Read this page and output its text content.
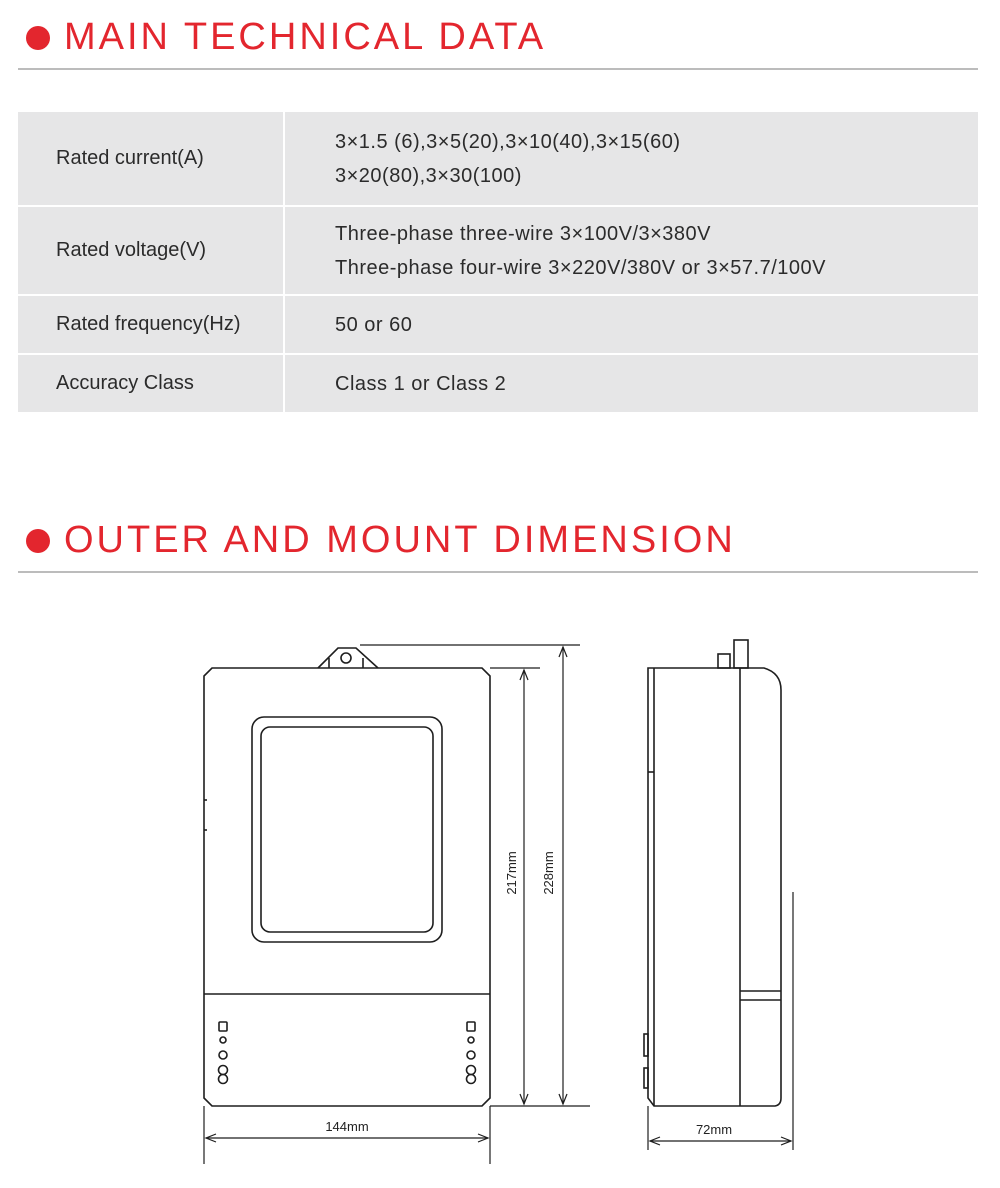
MAIN TECHNICAL DATA
Rated current(A)	3×1.5 (6),3×5(20),3×10(40),3×15(60)
3×20(80),3×30(100)

Rated voltage(V)	Three-phase three-wire 3×100V/3×380V
Three-phase four-wire 3×220V/380V or 3×57.7/100V

Rated frequency(Hz)	50 or 60

Accuracy Class	Class 1 or Class 2
OUTER AND MOUNT DIMENSION
144mm
217mm 228mm
72mm
